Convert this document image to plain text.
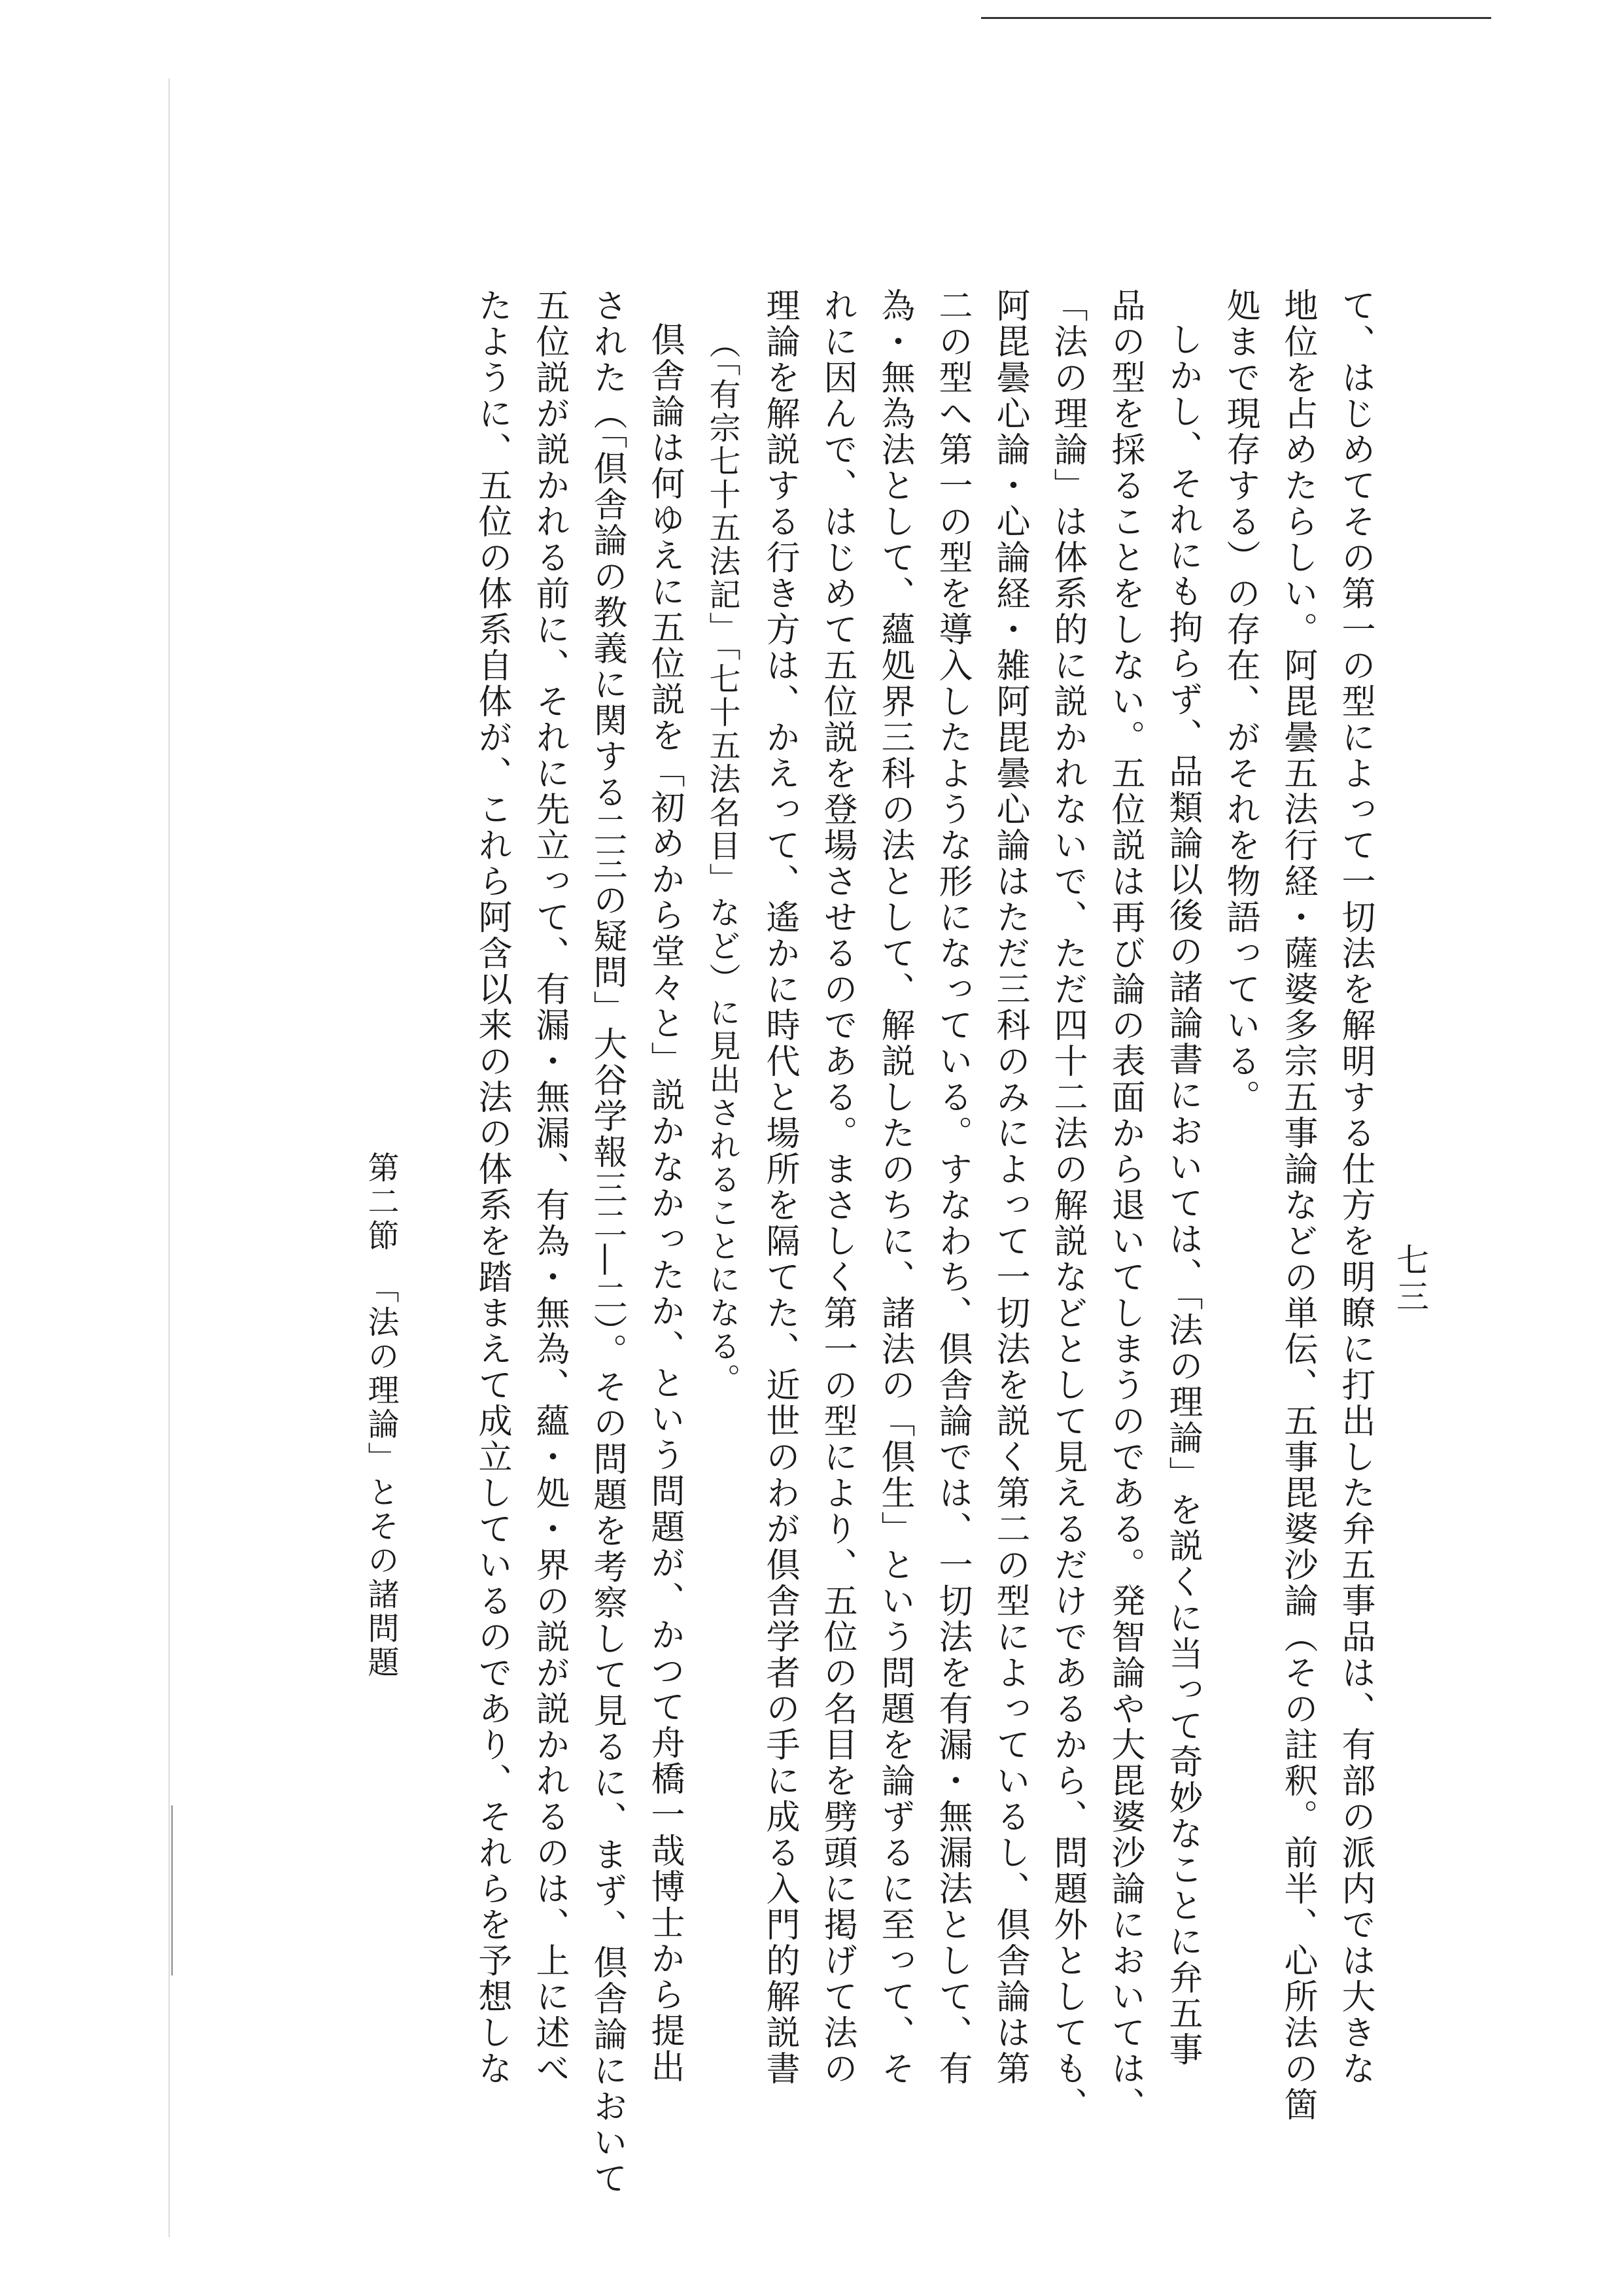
七三
て、はじめてその第一の型によって一切法を解明する仕方を明瞭に打出した弁五事品は、有部の派内では大きな
地位を占めたらしい。阿毘曇五法行経・薩婆多宗五事論などの単伝、五事毘婆沙論（その註釈。前半、心所法の箇
処まで現存する）の存在、がそれを物語っている。
しかし、それにも拘らず、品類論以後の諸論書においては、「法の理論」を説くに当って奇妙なことに弁五事
品の型を採ることをしない。五位説は再び論の表面から退いてしまうのである。発智論や大毘婆沙論においては、
「法の理論」は体系的に説かれないで、ただ四十二法の解説などとして見えるだけであるから、問題外としても、
阿毘曇心論・心論経・雑阿毘曇心論はただ三科のみによって一切法を説く第二の型によっているし、倶舎論は第
二の型へ第一の型を導入したような形になっている。すなわち、倶舎論では、一切法を有漏・無漏法として、有
為・無為法として、蘊処界三科の法として、解説したのちに、諸法の「倶生」という問題を論ずるに至って、そ
れに因んで、はじめて五位説を登場させるのである。まさしく第一の型により、五位の名目を劈頭に掲げて法の
理論を解説する行き方は、かえって、遙かに時代と場所を隔てた、近世のわが倶舎学者の手に成る入門的解説書
（「有宗七十五法記」「七十五法名目」など）に見出されることになる。
倶舎論は何ゆえに五位説を「初めから堂々と」説かなかったか、という問題が、かつて舟橋一哉博士から提出
された（「倶舎論の教義に関する二三の疑問」大谷学報三二—二）。その問題を考察して見るに、まず、倶舎論において
五位説が説かれる前に、それに先立って、有漏・無漏、有為・無為、蘊・処・界の説が説かれるのは、上に述べ
たように、五位の体系自体が、これら阿含以来の法の体系を踏まえて成立しているのであり、それらを予想しな
第二節　「法の理論」とその諸問題
